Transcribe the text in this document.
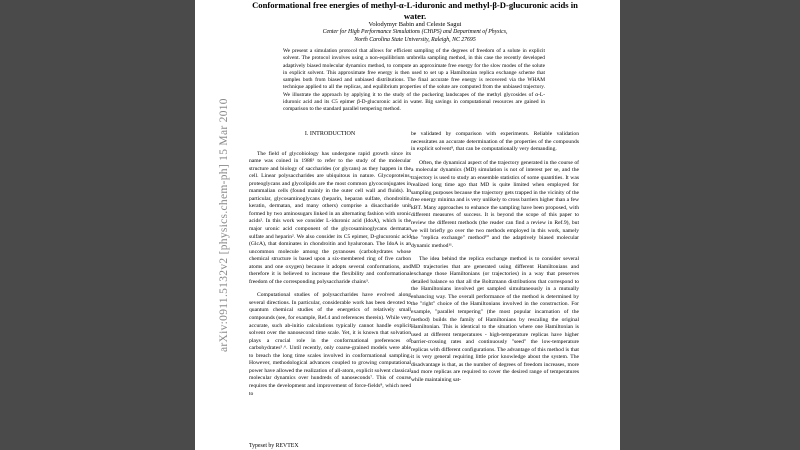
arXiv:0911.5132v2 [physics.chem-ph] 15 Mar 2010
Conformational free energies of methyl-α-L-iduronic and methyl-β-D-glucuronic acids in water.
Volodymyr Babin and Celeste Sagui
Center for High Performance Simulations (CHiPS) and Department of Physics,
North Carolina State University, Raleigh, NC 27695
We present a simulation protocol that allows for efficient sampling of the degrees of freedom of a solute in explicit solvent. The protocol involves using a non-equilibrium umbrella sampling method, in this case the recently developed adaptively biased molecular dynamics method, to compute an approximate free energy for the slow modes of the solute in explicit solvent. This approximate free energy is then used to set up a Hamiltonian replica exchange scheme that samples both from biased and unbiased distributions. The final accurate free energy is recovered via the WHAM technique applied to all the replicas, and equilibrium properties of the solute are computed from the unbiased trajectory. We illustrate the approach by applying it to the study of the puckering landscapes of the methyl glycosides of α-L-iduronic acid and its C5 epimer β-D-glucuronic acid in water. Big savings in computational resources are gained in comparison to the standard parallel tempering method.
I. INTRODUCTION

The field of glycobiology has undergone rapid growth since its name was coined in 1988¹ to refer to the study of the molecular structure and biology of saccharides (or glycans) as they happen in the cell. Linear polysaccharides are ubiquitous in nature. Glycoproteins, proteoglycans and glycolipids are the most common glycoconjugates in mammalian cells (found mainly in the outer cell wall and fluids). In particular, glycosaminoglycans (heparin, heparan sulfate, chondroitin, keratin, dermatan, and many others) comprise a disaccharide unit formed by two aminosugars linked in an alternating fashion with uronic acids². In this work we consider L-iduronic acid (IdoA), which is the major uronic acid component of the glycosaminoglycans dermatan sulfate and heparin². We also consider its C5 epimer, D-glucuronic acid (GlcA), that dominates in chondroitin and hyaluronan. The IdoA is an uncommon molecule among the pyranoses (carbohydrates whose chemical structure is based upon a six-membered ring of five carbon atoms and one oxygen) because it adopts several conformations, and therefore it is believed to increase the flexibility and conformational freedom of the corresponding polysaccharide chains³.

Computational studies of polysaccharides have evolved along several directions. In particular, considerable work has been devoted to quantum chemical studies of the energetics of relatively small compounds (see, for example, Ref.4 and references therein). While very accurate, such ab-initio calculations typically cannot handle explicit solvent over the nanosecond time scale. Yet, it is known that solvation plays a crucial role in the conformational preferences of carbohydrates⁵˒⁶. Until recently, only coarse-grained models were able to breach the long time scales involved in conformational sampling. However, methodological advances coupled to growing computational power have allowed the realization of all-atom, explicit solvent classical molecular dynamics over hundreds of nanoseconds⁷. This of course requires the development and improvement of force-fields⁸, which need to

be validated by comparison with experiments. Reliable validation necessitates an accurate determination of the properties of the compounds in explicit solvent⁹, that can be computationally very demanding.

Often, the dynamical aspect of the trajectory generated in the course of a molecular dynamics (MD) simulation is not of interest per se, and the trajectory is used to study an ensemble statistics of some quantities. It was realized long time ago that MD is quite limited when employed for sampling purposes because the trajectory gets trapped in the vicinity of the free energy minima and is very unlikely to cross barriers higher than a few kBT. Many approaches to enhance the sampling have been proposed, with different measures of success. It is beyond the scope of this paper to review the different methods (the reader can find a review in Ref.9), but we will briefly go over the two methods employed in this work, namely the "replica exchange" method¹⁰ and the adaptively biased molecular dynamic method¹¹.

The idea behind the replica exchange method is to consider several MD trajectories that are generated using different Hamiltonians and exchange those Hamiltonians (or trajectories) in a way that preserves detailed balance so that all the Boltzmann distributions that correspond to the Hamiltonians involved get sampled simultaneously in a mutually enhancing way. The overall performance of the method is determined by the "right" choice of the Hamiltonians involved in the construction. For example, "parallel tempering" (the most popular incarnation of the method) builds the family of Hamiltonians by rescaling the original Hamiltonian. This is identical to the situation where one Hamiltonian is used at different temperatures - high-temperature replicas have higher barrier-crossing rates and continuously "seed" the low-temperature replicas with different configurations. The advantage of this method is that it is very general requiring little prior knowledge about the system. The disadvantage is that, as the number of degrees of freedom increases, more and more replicas are required to cover the desired range of temperatures while maintaining sat-

Typeset by REVTEX
